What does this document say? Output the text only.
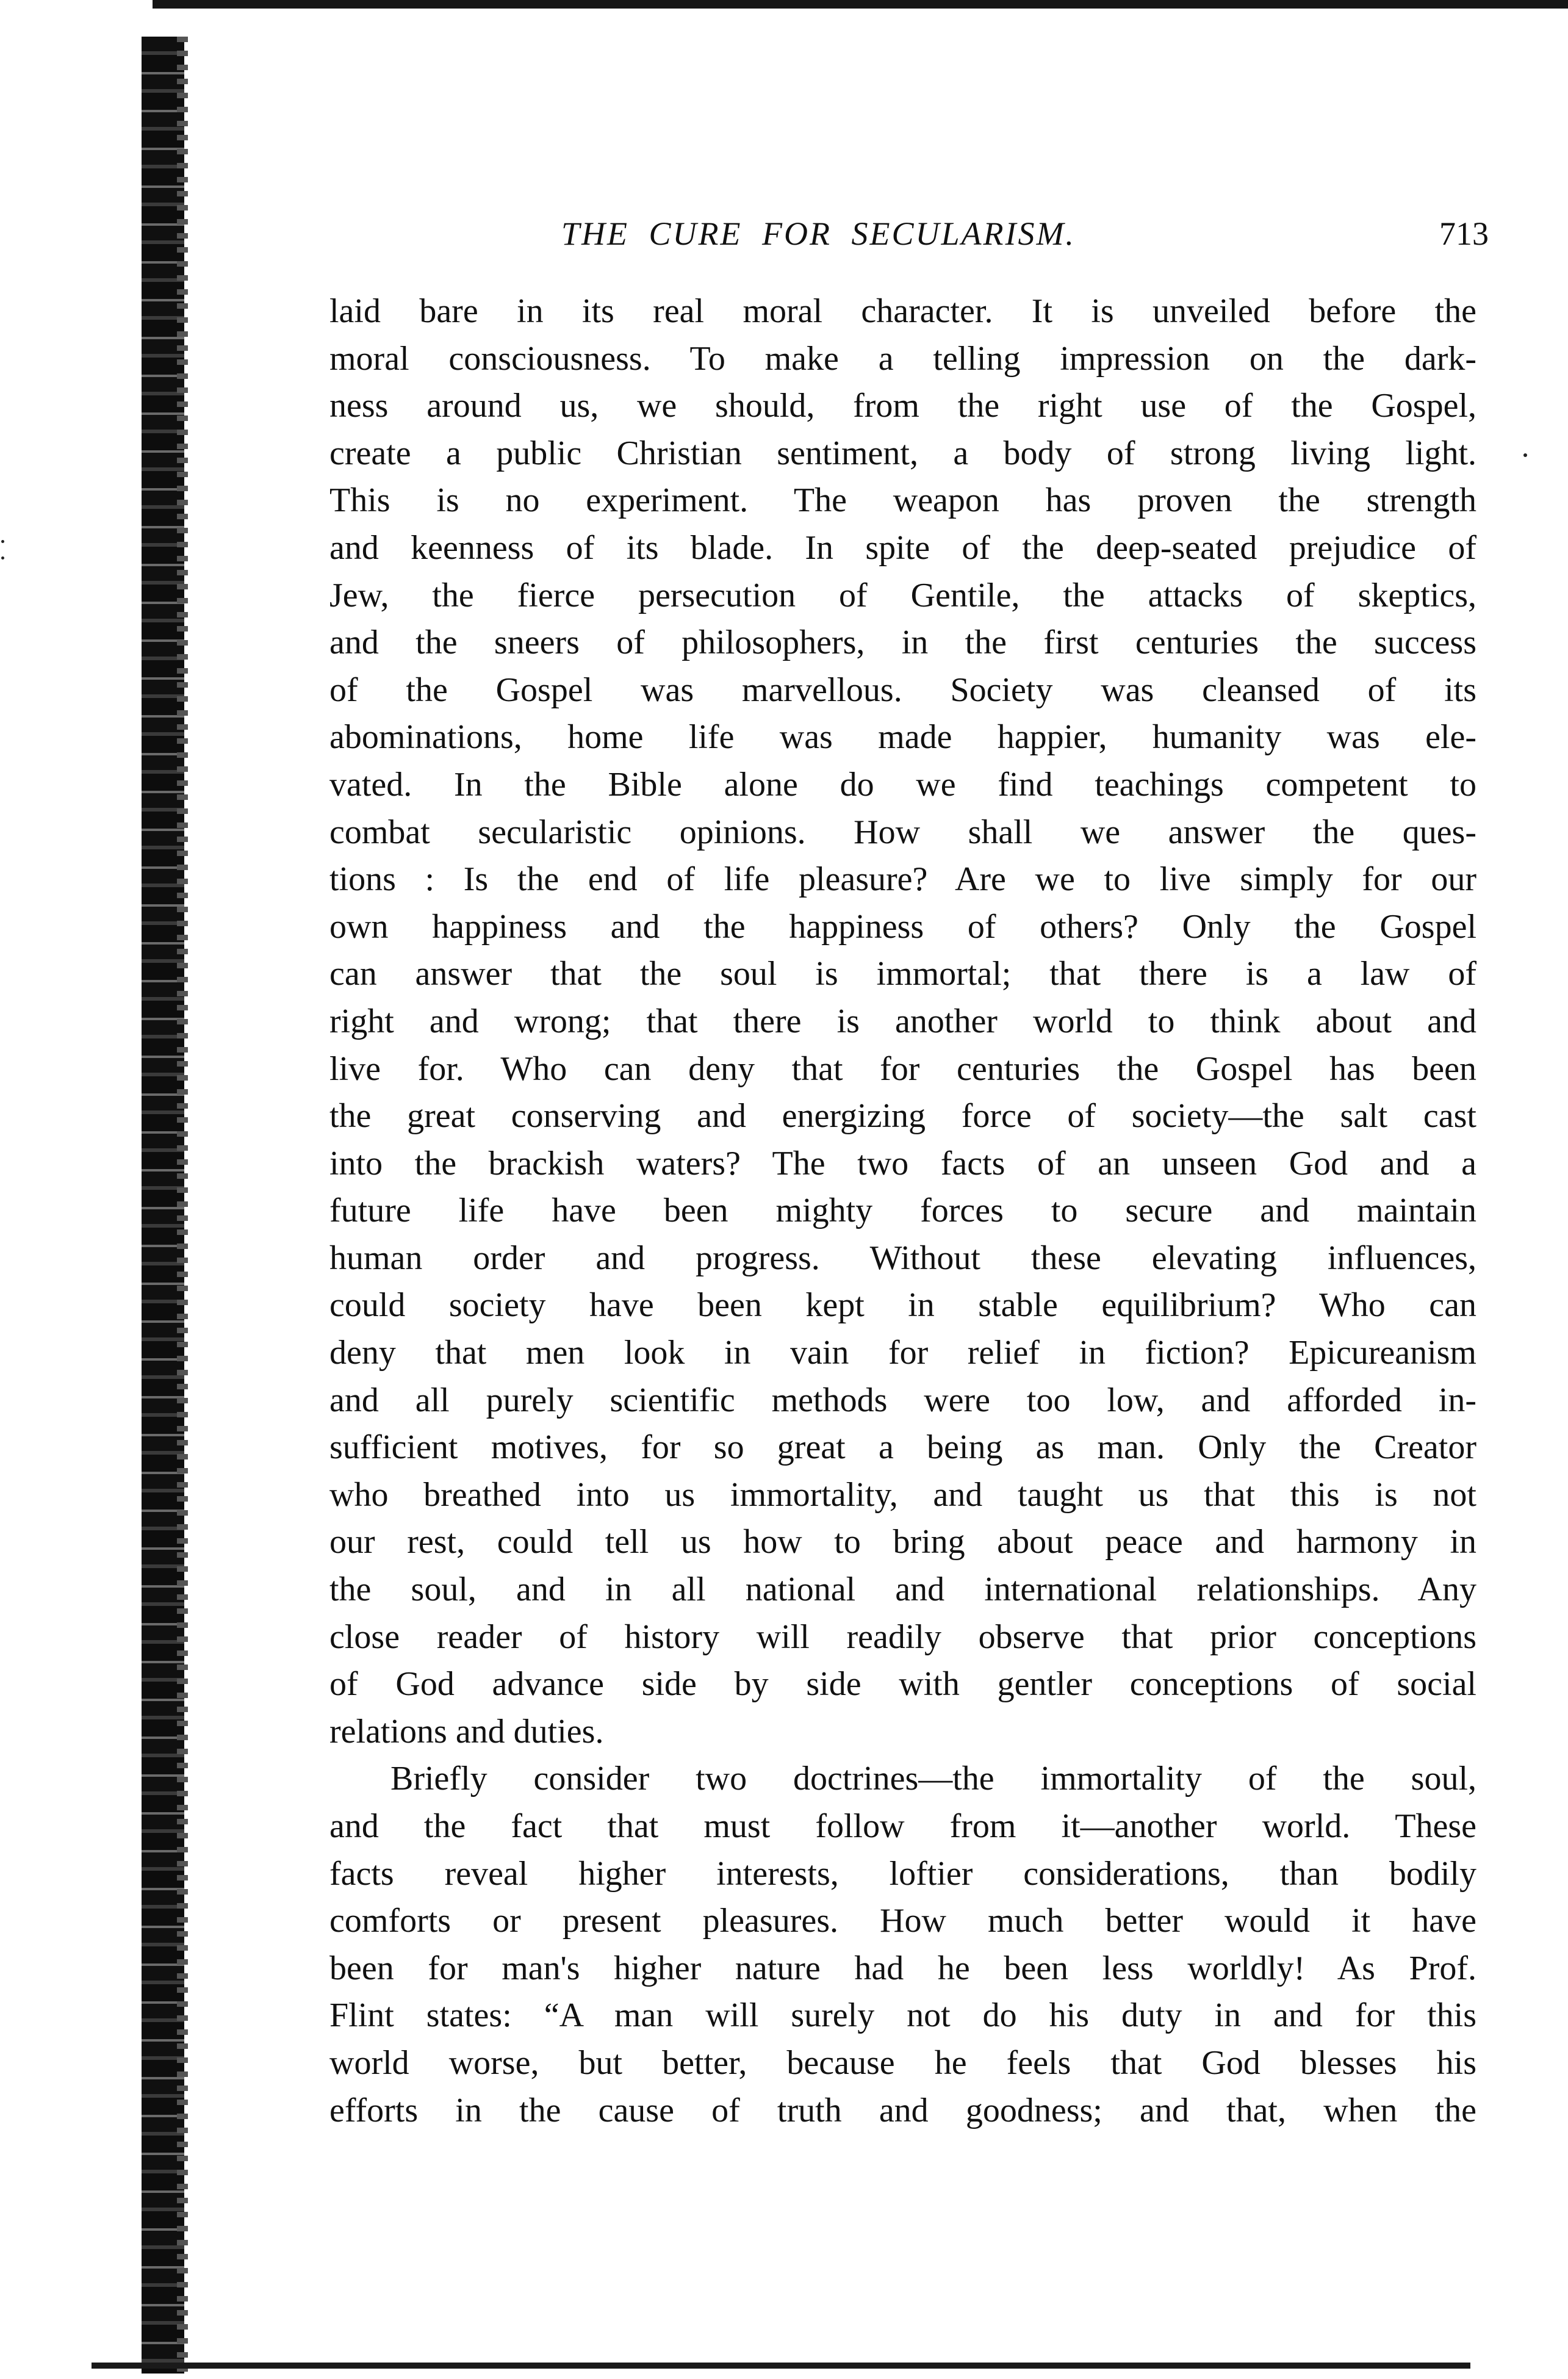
THE CURE FOR SECULARISM.	713
laid bare in its real moral character. It is unveiled before the
moral consciousness. To make a telling impression on the dark-
ness around us, we should, from the right use of the Gospel,
create a public Christian sentiment, a body of strong living light.
This is no experiment. The weapon has proven the strength
and keenness of its blade. In spite of the deep-seated prejudice of
Jew, the fierce persecution of Gentile, the attacks of skeptics,
and the sneers of philosophers, in the first centuries the success
of the Gospel was marvellous. Society was cleansed of its
abominations, home life was made happier, humanity was ele-
vated. In the Bible alone do we find teachings competent to
combat secularistic opinions. How shall we answer the ques-
tions : Is the end of life pleasure? Are we to live simply for our
own happiness and the happiness of others? Only the Gospel
can answer that the soul is immortal; that there is a law of
right and wrong; that there is another world to think about and
live for. Who can deny that for centuries the Gospel has been
the great conserving and energizing force of society—the salt cast
into the brackish waters? The two facts of an unseen God and a
future life have been mighty forces to secure and maintain
human order and progress. Without these elevating influences,
could society have been kept in stable equilibrium? Who can
deny that men look in vain for relief in fiction? Epicureanism
and all purely scientific methods were too low, and afforded in-
sufficient motives, for so great a being as man. Only the Creator
who breathed into us immortality, and taught us that this is not
our rest, could tell us how to bring about peace and harmony in
the soul, and in all national and international relationships. Any
close reader of history will readily observe that prior conceptions
of God advance side by side with gentler conceptions of social
relations and duties.
Briefly consider two doctrines—the immortality of the soul,
and the fact that must follow from it—another world. These
facts reveal higher interests, loftier considerations, than bodily
comforts or present pleasures. How much better would it have
been for man's higher nature had he been less worldly! As Prof.
Flint states: “A man will surely not do his duty in and for this
world worse, but better, because he feels that God blesses his
efforts in the cause of truth and goodness; and that, when the
